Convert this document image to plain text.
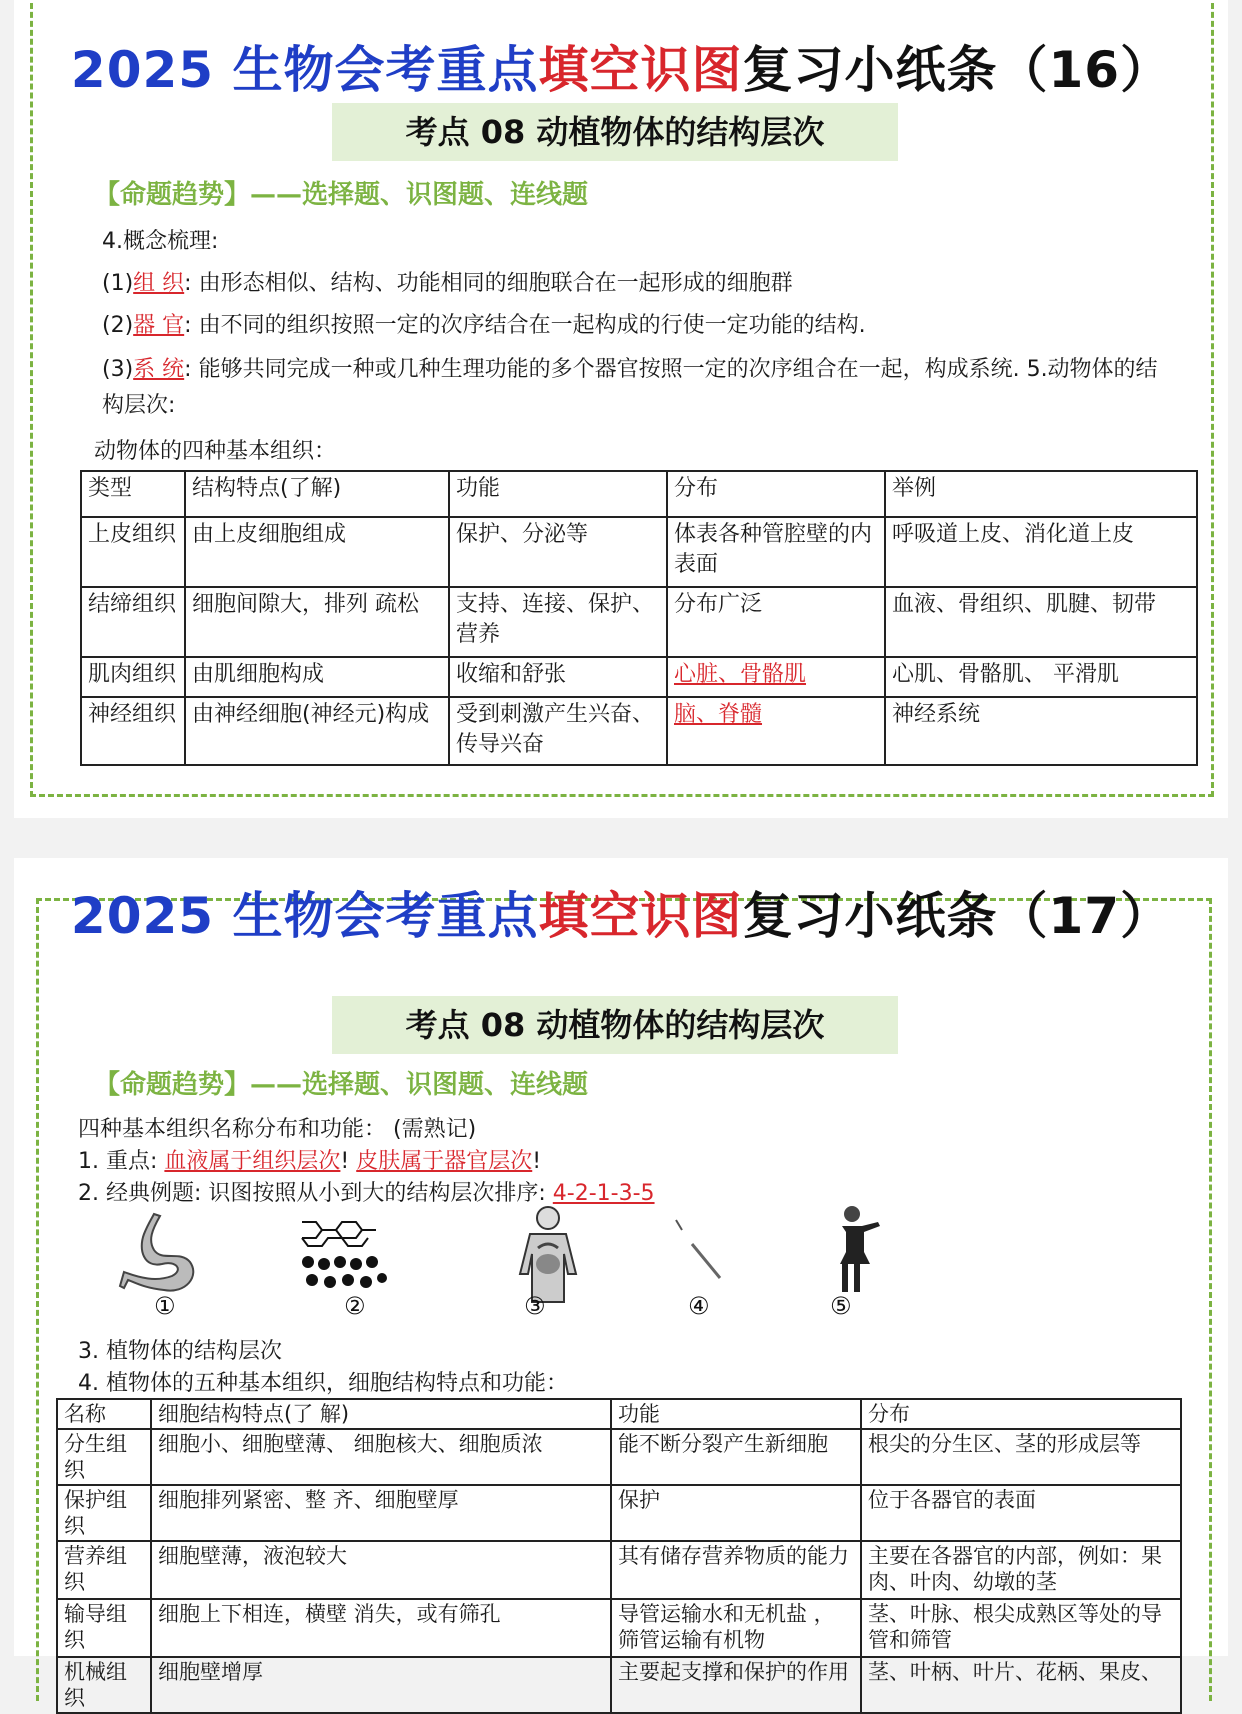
2025 生物会考重点填空识图复习小纸条（16）
考点 08 动植物体的结构层次
【命题趋势】——选择题、识图题、连线题
4.概念梳理:
(1)组 织: 由形态相似、结构、功能相同的细胞联合在一起形成的细胞群
(2)器 官: 由不同的组织按照一定的次序结合在一起构成的行使一定功能的结构.
(3)系 统: 能够共同完成一种或几种生理功能的多个器官按照一定的次序组合在一起，构成系统. 5.动物体的结
构层次:
动物体的四种基本组织：
类型	结构特点(了解)	功能	分布	举例
上皮组织	由上皮细胞组成	保护、分泌等	体表各种管腔壁的内表面	呼吸道上皮、消化道上皮
结缔组织	细胞间隙大，排列 疏松	支持、连接、保护、营养	分布广泛	血液、骨组织、肌腱、韧带
肌肉组织	由肌细胞构成	收缩和舒张	心脏、骨骼肌	心肌、骨骼肌、 平滑肌
神经组织	由神经细胞(神经元)构成	受到刺激产生兴奋、传导兴奋	脑、脊髓	神经系统
2025 生物会考重点填空识图复习小纸条（17）
考点 08 动植物体的结构层次
【命题趋势】——选择题、识图题、连线题
四种基本组织名称分布和功能： (需熟记)
1. 重点: 血液属于组织层次! 皮肤属于器官层次!
2. 经典例题: 识图按照从小到大的结构层次排序: 4-2-1-3-5
①	②	③	④	⑤
3. 植物体的结构层次
4. 植物体的五种基本组织，细胞结构特点和功能：
名称	细胞结构特点(了 解)	功能	分布
分生组织	细胞小、细胞壁薄、 细胞核大、细胞质浓	能不断分裂产生新细胞	根尖的分生区、茎的形成层等
保护组织	细胞排列紧密、整 齐、细胞壁厚	保护	位于各器官的表面
营养组织	细胞壁薄，液泡较大	其有储存营养物质的能力	主要在各器官的内部，例如：果肉、叶肉、幼墩的茎
输导组织	细胞上下相连，横壁 消失，或有筛孔	导管运输水和无机盐 ，筛管运输有机物	茎、叶脉、根尖成熟区等处的导管和筛管
机械组织	细胞壁增厚	主要起支撑和保护的作用	茎、叶柄、叶片、花柄、果皮、
